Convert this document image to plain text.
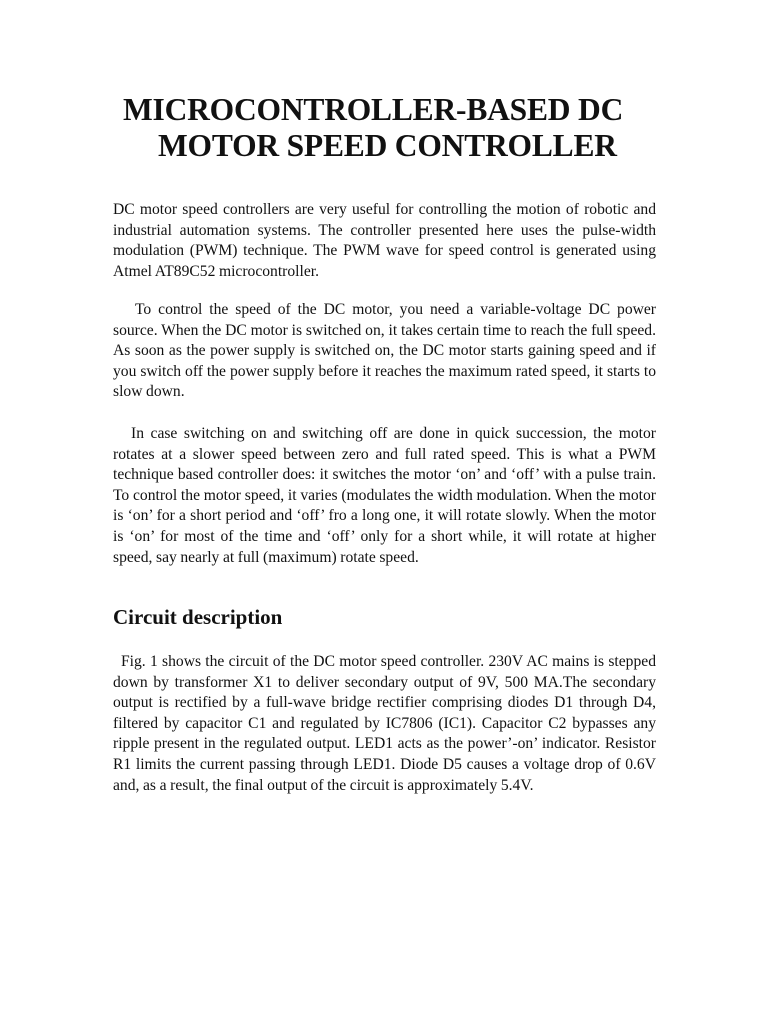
MICROCONTROLLER-BASED DC
MOTOR SPEED CONTROLLER

DC motor speed controllers are very useful for controlling the motion of robotic and industrial automation systems. The controller presented here uses the pulse-width modulation (PWM) technique. The PWM wave for speed control is generated using Atmel AT89C52 microcontroller.

To control the speed of the DC motor, you need a variable-voltage DC power source. When the DC motor is switched on, it takes certain time to reach the full speed. As soon as the power supply is switched on, the DC motor starts gaining speed and if you switch off the power supply before it reaches the maximum rated speed, it starts to slow down.

In case switching on and switching off are done in quick succession, the motor rotates at a slower speed between zero and full rated speed. This is what a PWM technique based controller does: it switches the motor ‘on’ and ‘off’ with a pulse train. To control the motor speed, it varies (modulates the width modulation. When the motor is ‘on’ for a short period and ‘off’ fro a long one, it will rotate slowly. When the motor is ‘on’ for most of the time and ‘off’ only for a short while, it will rotate at higher speed, say nearly at full (maximum) rotate speed.

Circuit description

Fig. 1 shows the circuit of the DC motor speed controller. 230V AC mains is stepped down by transformer X1 to deliver secondary output of 9V, 500 MA.The secondary output is rectified by a full-wave bridge rectifier comprising diodes D1 through D4, filtered by capacitor C1 and regulated by IC7806 (IC1). Capacitor C2 bypasses any ripple present in the regulated output. LED1 acts as the power’-on’ indicator. Resistor R1 limits the current passing through LED1. Diode D5 causes a voltage drop of 0.6V and, as a result, the final output of the circuit is approximately 5.4V.
